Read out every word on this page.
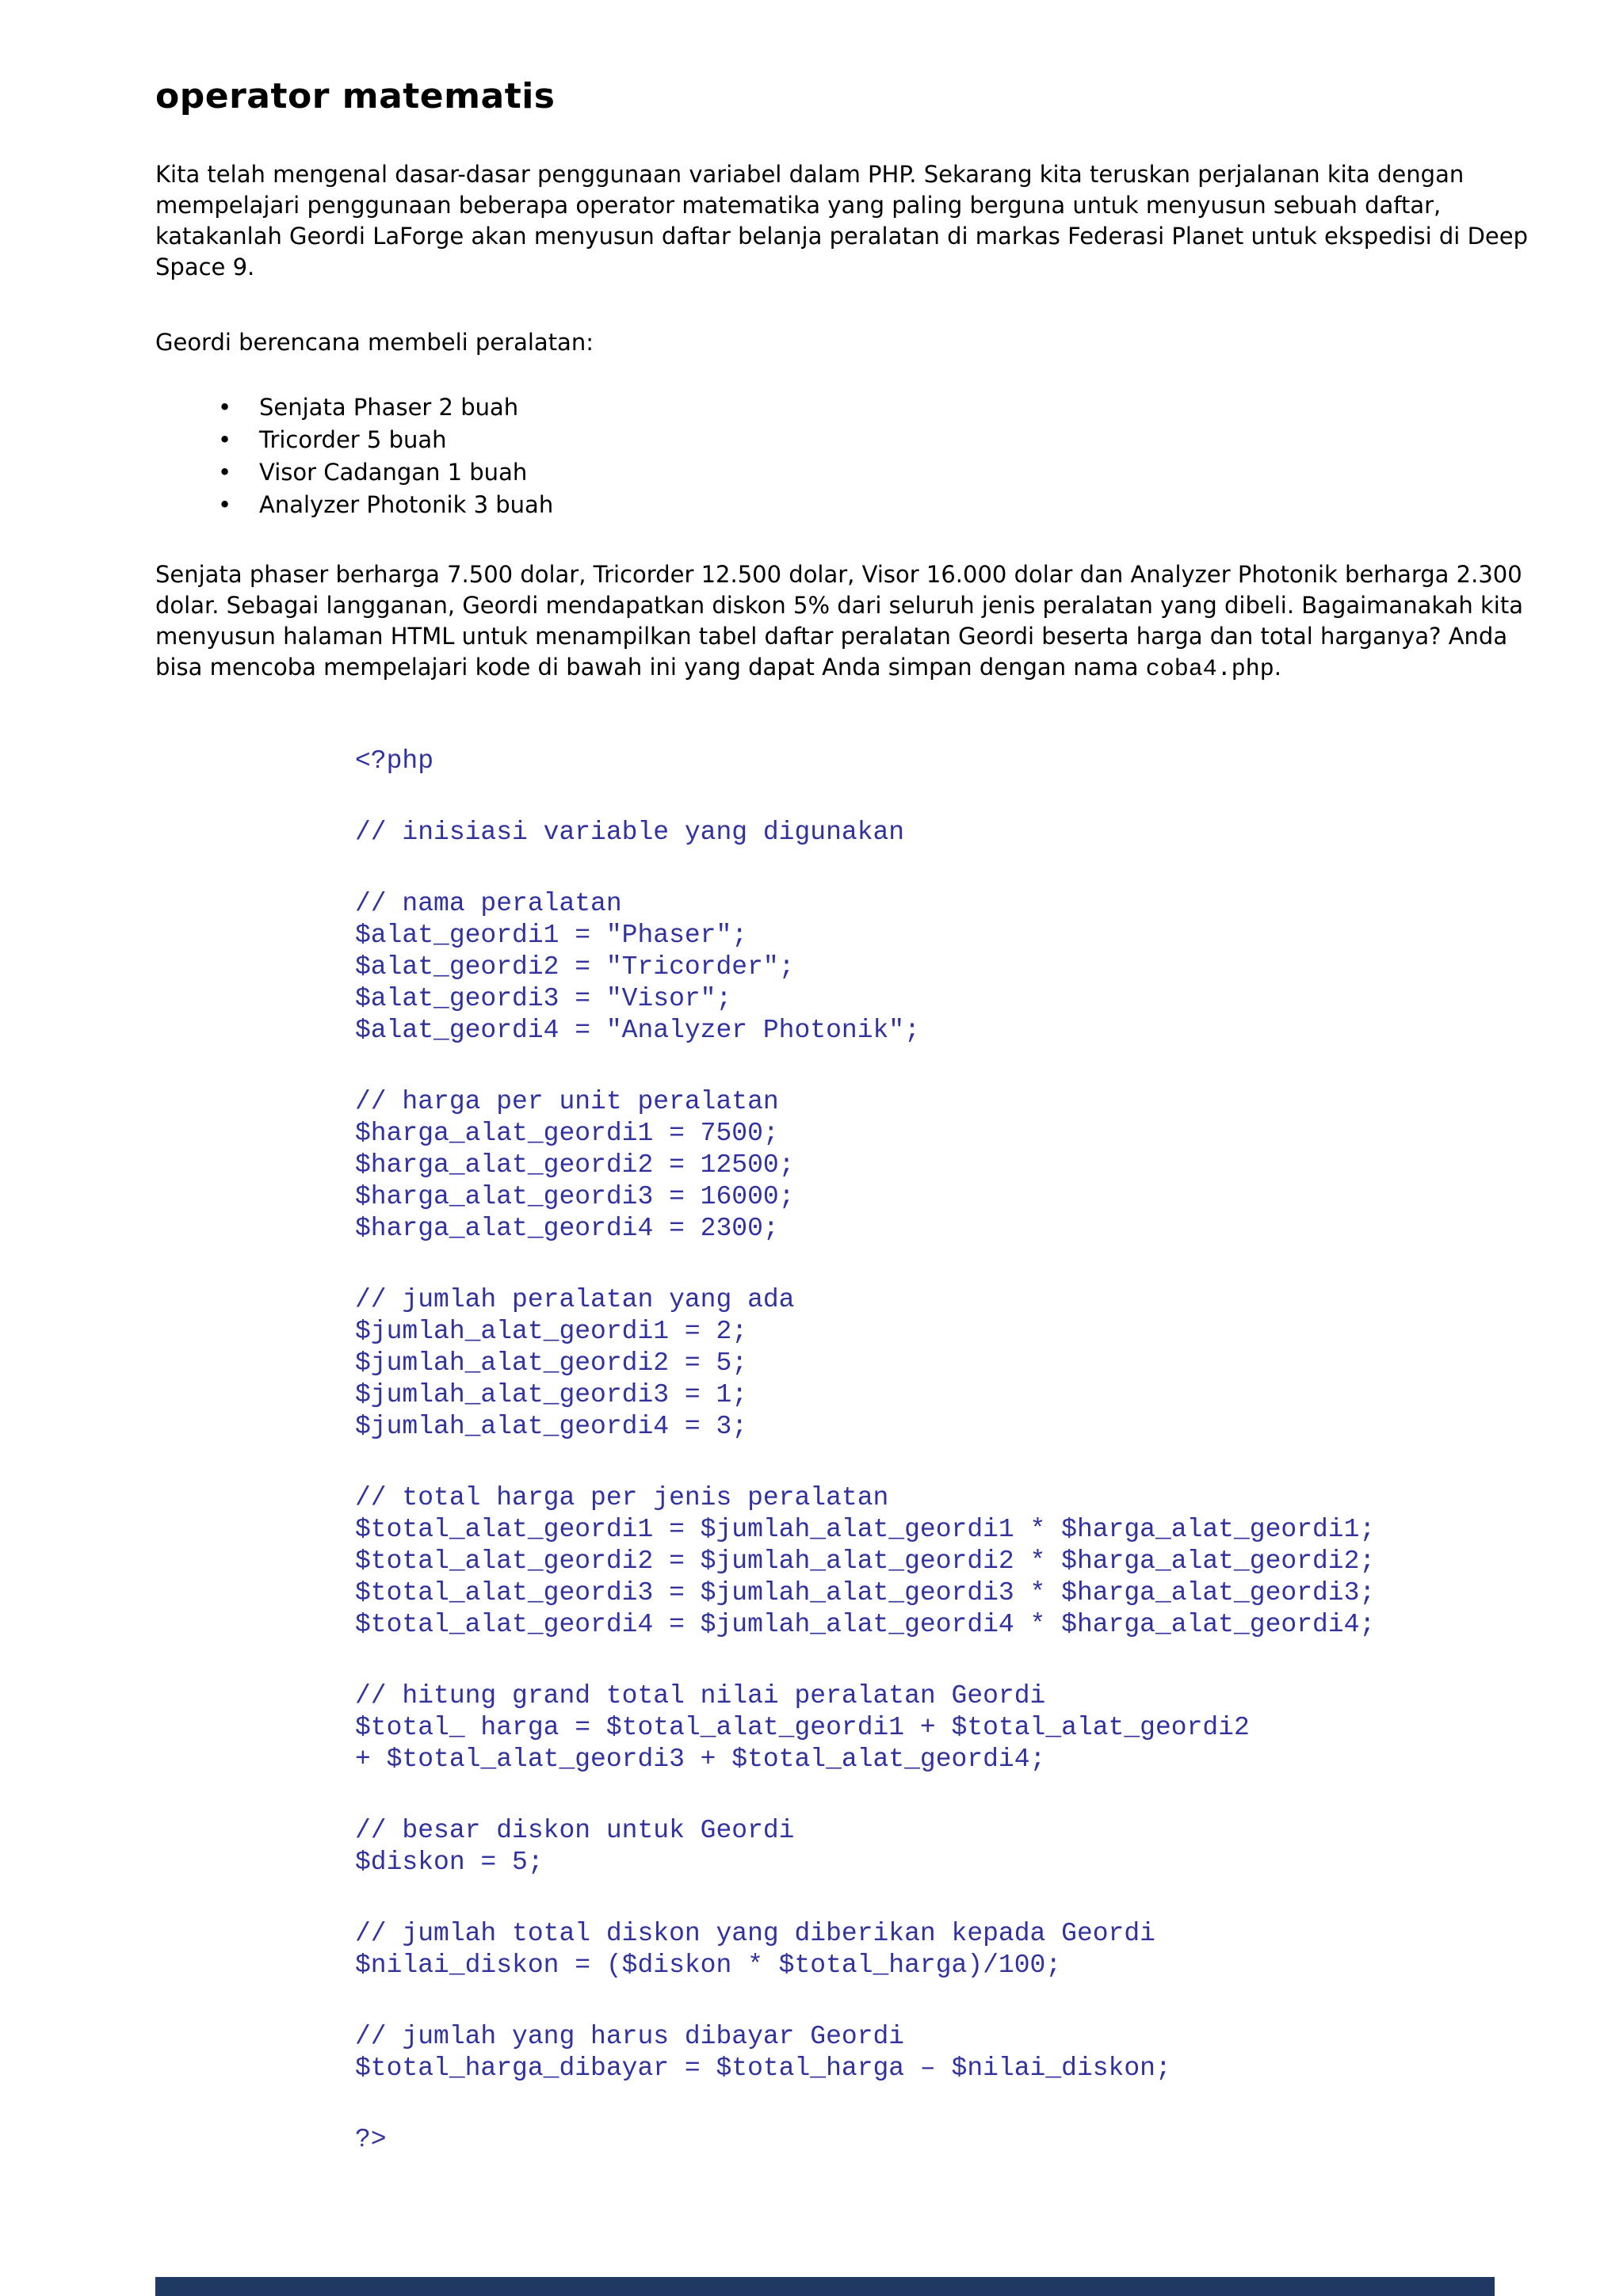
operator matematis

Kita telah mengenal dasar-dasar penggunaan variabel dalam PHP. Sekarang kita teruskan perjalanan kita dengan mempelajari penggunaan beberapa operator matematika yang paling berguna untuk menyusun sebuah daftar, katakanlah Geordi LaForge akan menyusun daftar belanja peralatan di markas Federasi Planet untuk ekspedisi di Deep Space 9.

Geordi berencana membeli peralatan:

• Senjata Phaser 2 buah
• Tricorder 5 buah
• Visor Cadangan 1 buah
• Analyzer Photonik 3 buah

Senjata phaser berharga 7.500 dolar, Tricorder 12.500 dolar, Visor 16.000 dolar dan Analyzer Photonik berharga 2.300 dolar. Sebagai langganan, Geordi mendapatkan diskon 5% dari seluruh jenis peralatan yang dibeli. Bagaimanakah kita menyusun halaman HTML untuk menampilkan tabel daftar peralatan Geordi beserta harga dan total harganya? Anda bisa mencoba mempelajari kode di bawah ini yang dapat Anda simpan dengan nama coba4.php.

<?php
// inisiasi variable yang digunakan
// nama peralatan
$alat_geordi1 = "Phaser";
$alat_geordi2 = "Tricorder";
$alat_geordi3 = "Visor";
$alat_geordi4 = "Analyzer Photonik";
// harga per unit peralatan
$harga_alat_geordi1 = 7500;
$harga_alat_geordi2 = 12500;
$harga_alat_geordi3 = 16000;
$harga_alat_geordi4 = 2300;
// jumlah peralatan yang ada
$jumlah_alat_geordi1 = 2;
$jumlah_alat_geordi2 = 5;
$jumlah_alat_geordi3 = 1;
$jumlah_alat_geordi4 = 3;
// total harga per jenis peralatan
$total_alat_geordi1 = $jumlah_alat_geordi1 * $harga_alat_geordi1;
$total_alat_geordi2 = $jumlah_alat_geordi2 * $harga_alat_geordi2;
$total_alat_geordi3 = $jumlah_alat_geordi3 * $harga_alat_geordi3;
$total_alat_geordi4 = $jumlah_alat_geordi4 * $harga_alat_geordi4;
// hitung grand total nilai peralatan Geordi
$total_ harga = $total_alat_geordi1 + $total_alat_geordi2
+ $total_alat_geordi3 + $total_alat_geordi4;
// besar diskon untuk Geordi
$diskon = 5;
// jumlah total diskon yang diberikan kepada Geordi
$nilai_diskon = ($diskon * $total_harga)/100;
// jumlah yang harus dibayar Geordi
$total_harga_dibayar = $total_harga – $nilai_diskon;
?>
